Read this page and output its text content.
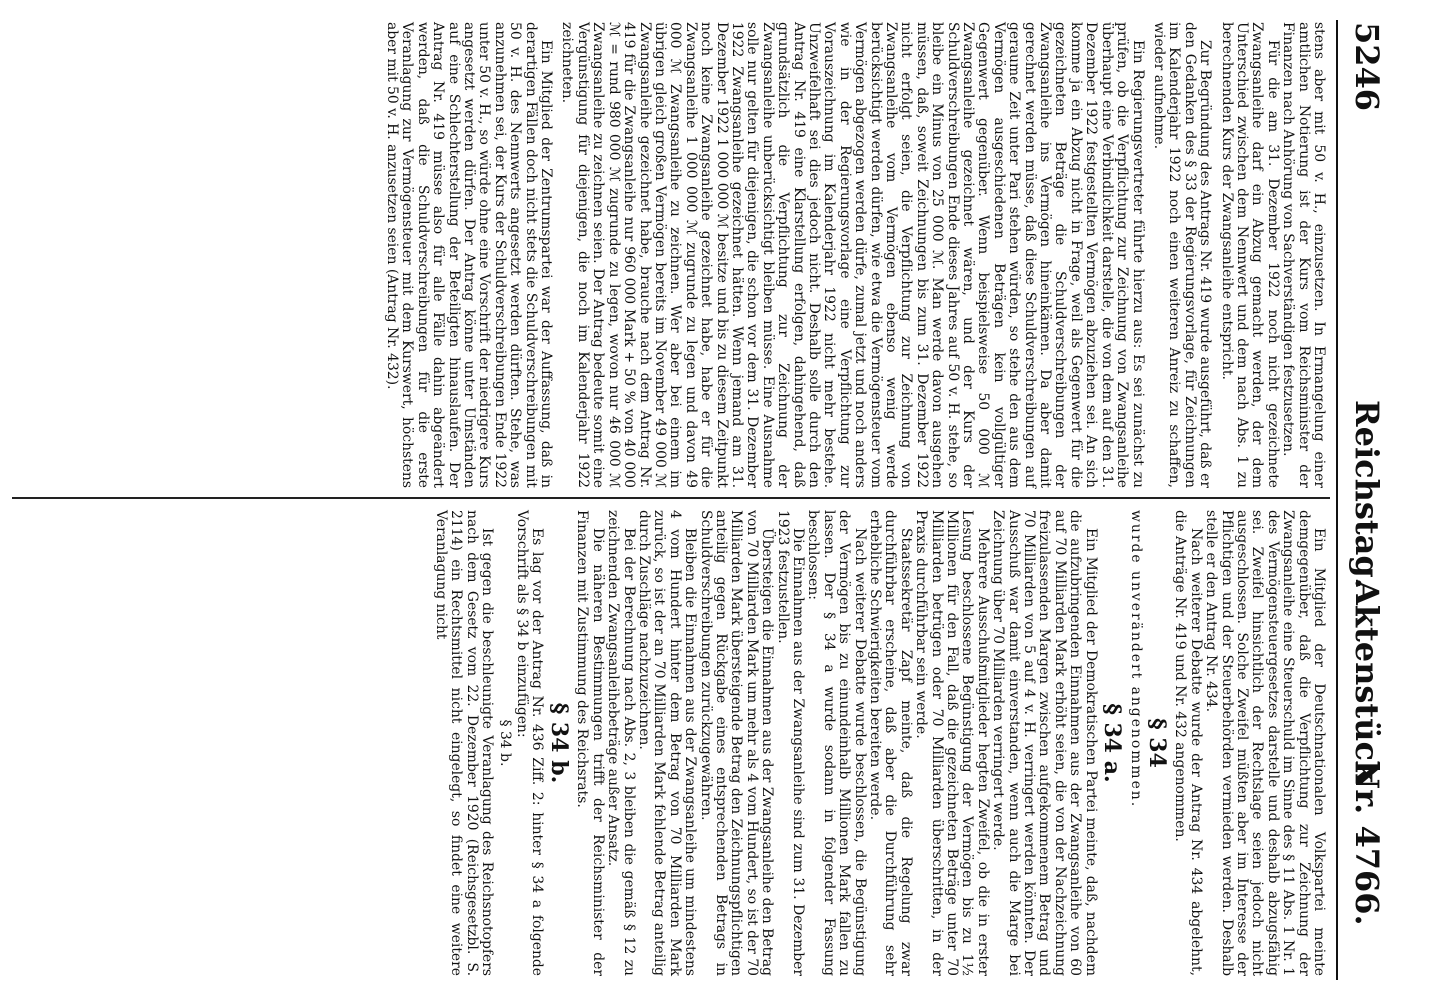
5246
Reichstag.
Aktenstück
Nr. 4766.

stens aber mit 50 v. H., einzusetzen. In Ermangelung einer amtlichen Notierung ist der Kurs vom Reichsminister der Finanzen nach Anhörung von Sachverständigen festzusetzen.

Für die am 31. Dezember 1922 noch nicht gezeichnete Zwangsanleihe darf ein Abzug gemacht werden, der dem Unterschied zwischen dem Nennwert und dem nach Abs. 1 zu berechnenden Kurs der Zwangsanleihe entspricht.

Zur Begründung des Antrags Nr. 419 wurde ausgeführt, daß er den Gedanken des § 33 der Regierungsvorlage, für Zeichnungen im Kalenderjahr 1922 noch einen weiteren Anreiz zu schaffen, wieder aufnehme.

Ein Regierungsvertreter führte hierzu aus: Es sei zunächst zu prüfen, ob die Verpflichtung zur Zeichnung von Zwangsanleihe überhaupt eine Verbindlichkeit darstelle, die von dem auf den 31. Dezember 1922 festgestellten Vermögen abzuziehen sei. An sich komme ja ein Abzug nicht in Frage, weil als Gegenwert für die gezeichneten Beträge die Schuldverschreibungen der Zwangsanleihe ins Vermögen hineinkämen. Da aber damit gerechnet werden müsse, daß diese Schuldverschreibungen auf geraume Zeit unter Pari stehen würden, so stehe den aus dem Vermögen ausgeschiedenen Beträgen kein vollgültiger Gegenwert gegenüber. Wenn beispielsweise 50 000 ℳ Zwangsanleihe gezeichnet wären, und der Kurs der Schuldverschreibungen Ende dieses Jahres auf 50 v. H. stehe, so bleibe ein Minus von 25 000 ℳ. Man werde davon ausgehen müssen, daß, soweit Zeichnungen bis zum 31. Dezember 1922 nicht erfolgt seien, die Verpflichtung zur Zeichnung von Zwangsanleihe vom Vermögen ebenso wenig werde berücksichtigt werden dürfen, wie etwa die Vermögensteuer vom Vermögen abgezogen werden dürfe, zumal jetzt und noch anders wie in der Regierungsvorlage eine Verpflichtung zur Vorauszeichnung im Kalenderjahr 1922 nicht mehr bestehe. Unzweifelhaft sei dies jedoch nicht. Deshalb solle durch den Antrag Nr. 419 eine Klarstellung erfolgen, dahingehend, daß grundsätzlich die Verpflichtung zur Zeichnung der Zwangsanleihe unberücksichtigt bleiben müsse. Eine Ausnahme solle nur gelten für diejenigen, die schon vor dem 31. Dezember 1922 Zwangsanleihe gezeichnet hätten. Wenn jemand am 31. Dezember 1922 1 000 000 ℳ besitze und bis zu diesem Zeitpunkt noch keine Zwangsanleihe gezeichnet habe, habe er für die Zwangsanleihe 1 000 000 ℳ zugrunde zu legen und davon 49 000 ℳ Zwangsanleihe zu zeichnen. Wer aber bei einem im übrigen gleich großen Vermögen bereits im November 49 000 ℳ Zwangsanleihe gezeichnet habe, brauche nach dem Antrag Nr. 419 für die Zwangsanleihe nur 960 000 Mark + 50 % von 40 000 ℳ = rund 980 000 ℳ zugrunde zu legen, wovon nur 46 000 ℳ Zwangsanleihe zu zeichnen seien. Der Antrag bedeute somit eine Vergünstigung für diejenigen, die noch im Kalenderjahr 1922 zeichneten.

Ein Mitglied der Zentrumspartei war der Auffassung, daß in derartigen Fällen doch nicht stets die Schuldverschreibungen mit 50 v. H. des Nennwerts angesetzt werden dürften. Stehe, was anzunehmen sei, der Kurs der Schuldverschreibungen Ende 1922 unter 50 v. H., so würde ohne eine Vorschrift der niedrigere Kurs angesetzt werden dürfen. Der Antrag könne unter Umständen auf eine Schlechterstellung der Beteiligten hinauslaufen. Der Antrag Nr. 419 müsse also für alle Fälle dahin abgeändert werden, daß die Schuldverschreibungen für die erste Veranlagung zur Vermögensteuer mit dem Kurswert, höchstens aber mit 50 v. H. anzusetzen seien (Antrag Nr. 432).

Ein Mitglied der Deutschnationalen Volkspartei meinte demgegenüber, daß die Verpflichtung zur Zeichnung der Zwangsanleihe eine Steuerschuld im Sinne des § 11 Abs. 1 Nr. 1 des Vermögensteuergesetzes darstelle und deshalb abzugsfähig sei. Zweifel hinsichtlich der Rechtslage seien jedoch nicht ausgeschlossen. Solche Zweifel müßten aber im Interesse der Pflichtigen und der Steuerbehörden vermieden werden. Deshalb stelle er den Antrag Nr. 434.

Nach weiterer Debatte wurde der Antrag Nr. 434 abgelehnt, die Anträge Nr. 419 und Nr. 432 angenommen.

§ 34

wurde unverändert angenommen.

§ 34 a.

Ein Mitglied der Demokratischen Partei meinte, daß, nachdem die aufzubringenden Einnahmen aus der Zwangsanleihe von 60 auf 70 Milliarden Mark erhöht seien, die von der Nachzeichnung freizulassenden Margen zwischen aufgekommenem Betrag und 70 Milliarden von 5 auf 4 v. H. verringert werden könnten. Der Ausschuß war damit einverstanden, wenn auch die Marge bei Zeichnung über 70 Milliarden verringert werde.

Mehrere Ausschußmitglieder hegten Zweifel, ob die in erster Lesung beschlossene Begünstigung der Vermögen bis zu 1½ Millionen für den Fall, daß die gezeichneten Beträge unter 70 Milliarden betrügen oder 70 Milliarden überschritten, in der Praxis durchführbar sein werde.

Staatssekretär Zapf meinte, daß die Regelung zwar durchführbar erscheine, daß aber die Durchführung sehr erhebliche Schwierigkeiten bereiten werde.

Nach weiterer Debatte wurde beschlossen, die Begünstigung der Vermögen bis zu einundeinhalb Millionen Mark fallen zu lassen. Der § 34 a wurde sodann in folgender Fassung beschlossen:

Die Einnahmen aus der Zwangsanleihe sind zum 31. Dezember 1923 festzustellen.

Übersteigen die Einnahmen aus der Zwangsanleihe den Betrag von 70 Milliarden Mark um mehr als 4 vom Hundert, so ist der 70 Milliarden Mark übersteigende Betrag den Zeichnungspflichtigen anteilig gegen Rückgabe eines entsprechenden Betrags in Schuldverschreibungen zurückzugewähren.

Bleiben die Einnahmen aus der Zwangsanleihe um mindestens 4 vom Hundert hinter dem Betrag von 70 Milliarden Mark zurück, so ist der an 70 Milliarden Mark fehlende Betrag anteilig durch Zuschläge nachzuzeichnen.

Bei der Berechnung nach Abs. 2, 3 bleiben die gemäß § 12 zu zeichnenden Zwangsanleihebeträge außer Ansatz.

Die näheren Bestimmungen trifft der Reichsminister der Finanzen mit Zustimmung des Reichsrats.

§ 34 b.

Es lag vor der Antrag Nr. 436 Ziff. 2: hinter § 34 a folgende Vorschrift als § 34 b einzufügen:

§ 34 b.

Ist gegen die beschleunigte Veranlagung des Reichsnotopfers nach dem Gesetz vom 22. Dezember 1920 (Reichsgesetzbl. S. 2114) ein Rechtsmittel nicht eingelegt, so findet eine weitere Veranlagung nicht
